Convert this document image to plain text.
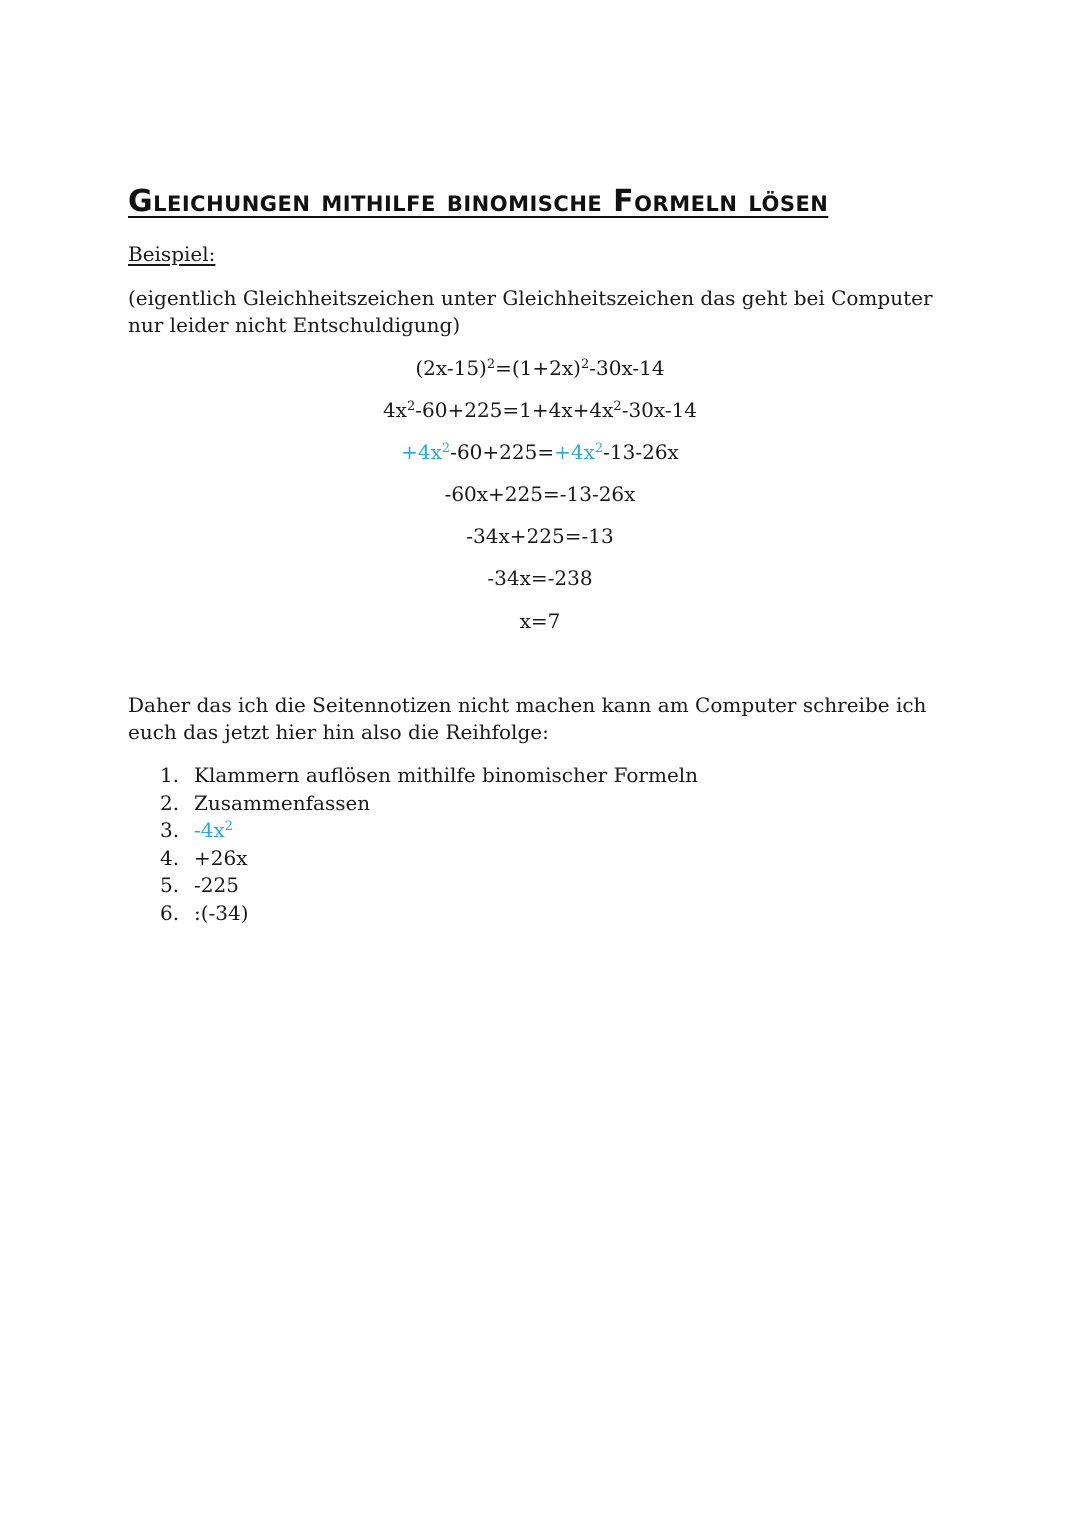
Gleichungen mithilfe binomische Formeln lösen
Beispiel:
(eigentlich Gleichheitszeichen unter Gleichheitszeichen das geht bei Computer nur leider nicht Entschuldigung)
$(2x-15)^2=(1+2x)^2-30x-14$
$4x^2-60+225=1+4x+4x^2-30x-14$
$+4x^2-60+225=+4x^2-13-26x$
-60x+225=-13-26x
-34x+225=-13
-34x=-238
x=7
Daher das ich die Seitennotizen nicht machen kann am Computer schreibe ich euch das jetzt hier hin also die Reihfolge:
1. Klammern auflösen mithilfe binomischer Formeln
2. Zusammenfassen
3. $-4x^2$
4. +26x
5. -225
6. :(-34)
